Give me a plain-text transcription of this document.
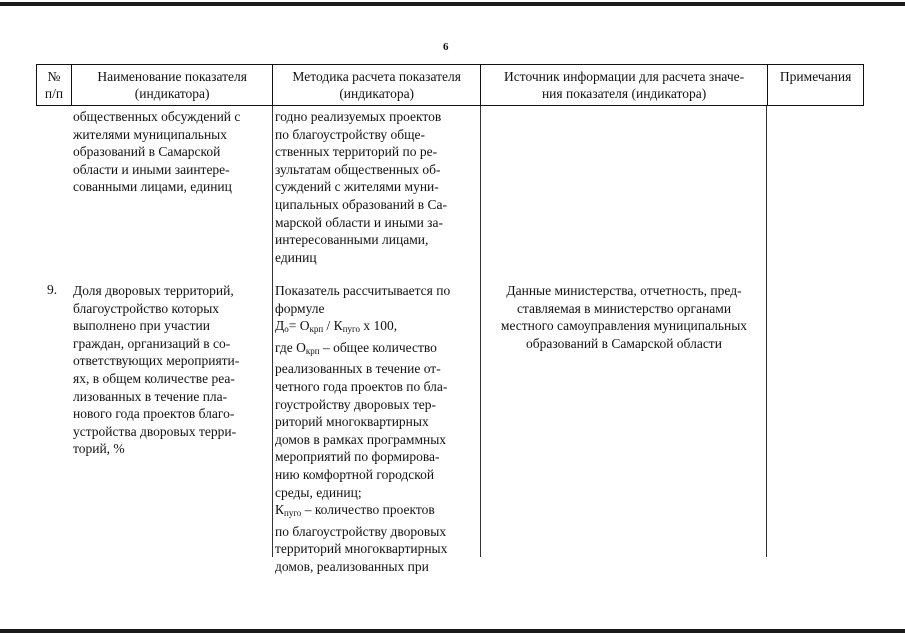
6
№
п/п
Наименование показателя
(индикатора)
Методика расчета показателя
(индикатора)
Источник информации для расчета значе-
ния показателя (индикатора)
Примечания
общественных обсуждений с
жителями муниципальных
образований в Самарской
области и иными заинтере-
сованными лицами, единиц
годно реализуемых проектов
по благоустройству обще-
ственных территорий по ре-
зультатам общественных об-
суждений с жителями муни-
ципальных образований в Са-
марской области и иными за-
интересованными лицами,
единиц
9. Доля дворовых территорий,
благоустройство которых
выполнено при участии
граждан, организаций в со-
ответствующих мероприяти-
ях, в общем количестве реа-
лизованных в течение пла-
нового года проектов благо-
устройства дворовых терри-
торий, %
Показатель рассчитывается по
формуле
$Д_о= О_{крп} / К_{пуго}$ х 100,
где $О_{крп}$ – общее количество
реализованных в течение от-
четного года проектов по бла-
гоустройству дворовых тер-
риторий многоквартирных
домов в рамках программных
мероприятий по формирова-
нию комфортной городской
среды, единиц;
$К_{пуго}$ – количество проектов
по благоустройству дворовых
территорий многоквартирных
домов, реализованных при
Данные министерства, отчетность, пред-
ставляемая в министерство органами
местного самоуправления муниципальных
образований в Самарской области
